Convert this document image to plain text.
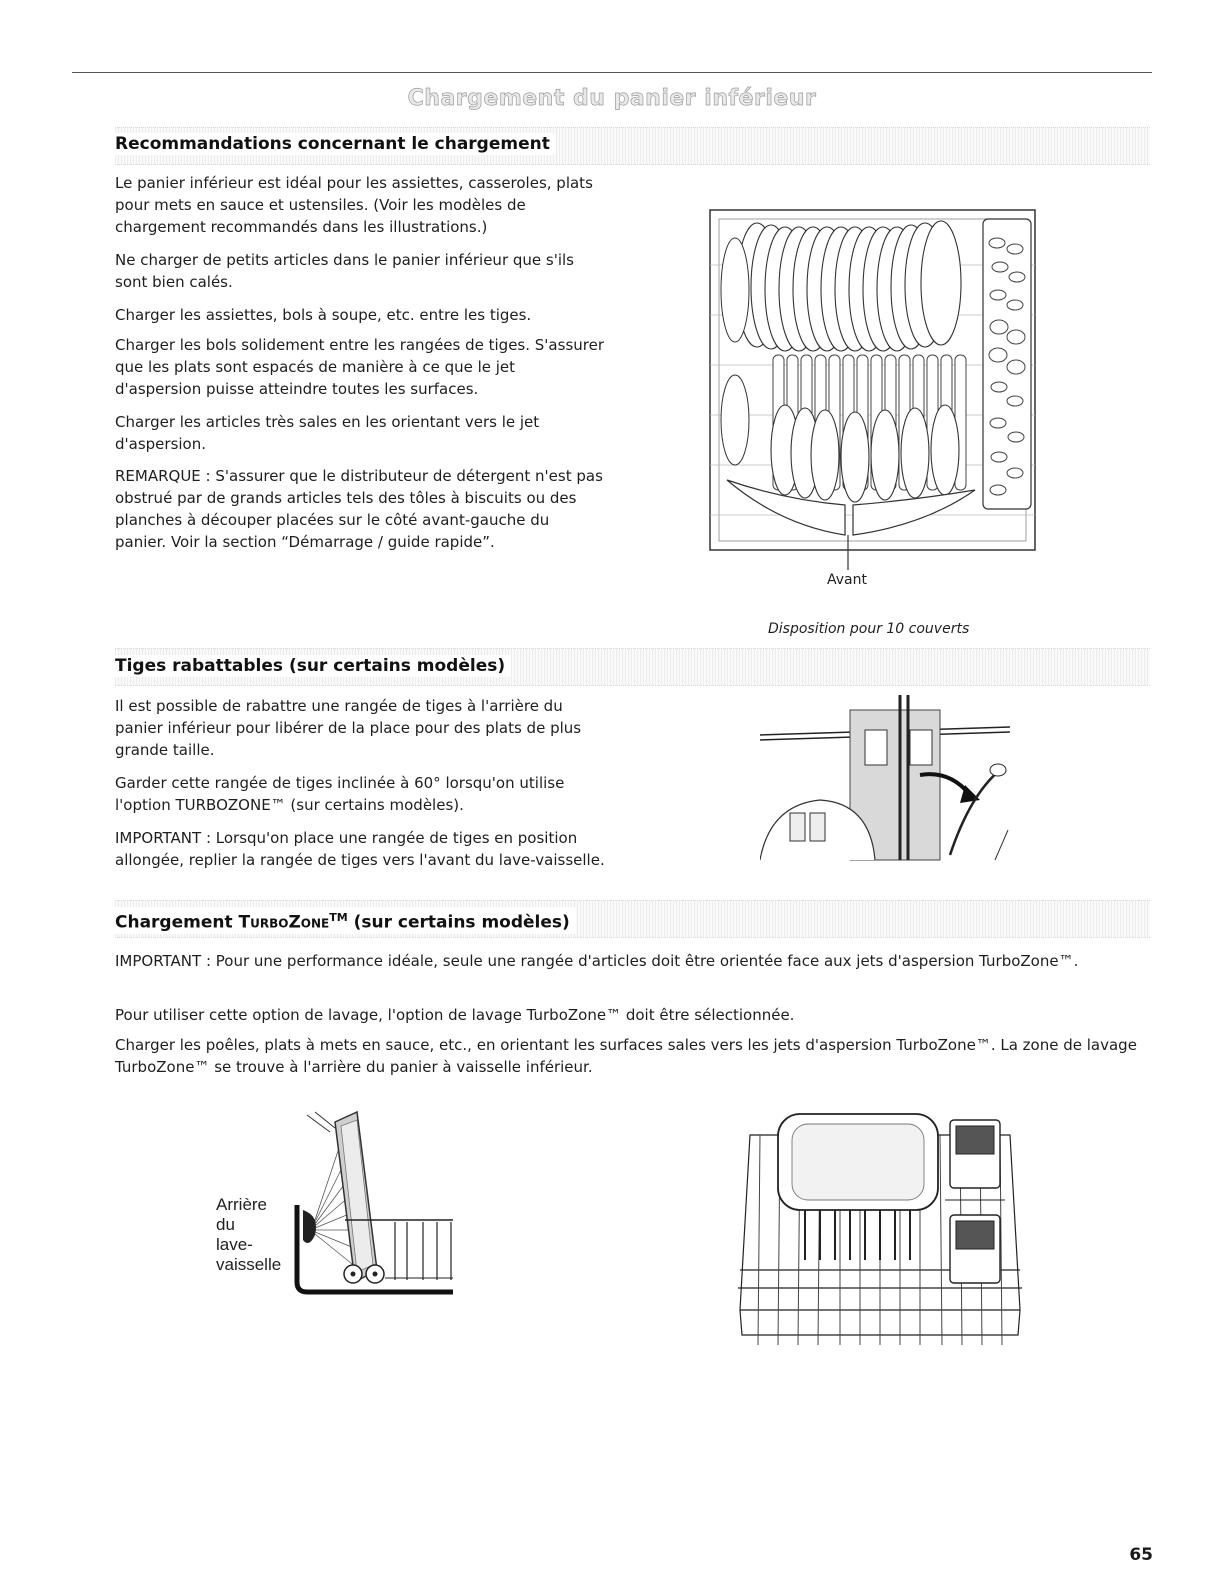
Chargement du panier inférieur
Recommandations concernant le chargement

Le panier inférieur est idéal pour les assiettes, casseroles, plats pour mets en sauce et ustensiles. (Voir les modèles de chargement recommandés dans les illustrations.)

Ne charger de petits articles dans le panier inférieur que s'ils sont bien calés.

Charger les assiettes, bols à soupe, etc. entre les tiges.

Charger les bols solidement entre les rangées de tiges. S'assurer que les plats sont espacés de manière à ce que le jet d'aspersion puisse atteindre toutes les surfaces.

Charger les articles très sales en les orientant vers le jet d'aspersion.

REMARQUE : S'assurer que le distributeur de détergent n'est pas obstrué par de grands articles tels des tôles à biscuits ou des planches à découper placées sur le côté avant-gauche du panier. Voir la section “Démarrage / guide rapide”.

Avant
Disposition pour 10 couverts
Tiges rabattables (sur certains modèles)

Il est possible de rabattre une rangée de tiges à l'arrière du panier inférieur pour libérer de la place pour des plats de plus grande taille.

Garder cette rangée de tiges inclinée à 60° lorsqu'on utilise l'option TURBOZONE™ (sur certains modèles).

IMPORTANT : Lorsqu'on place une rangée de tiges en position allongée, replier la rangée de tiges vers l'avant du lave-vaisselle.

Chargement TurboZone™ (sur certains modèles)

IMPORTANT : Pour une performance idéale, seule une rangée d'articles doit être orientée face aux jets d'aspersion TurboZone™.

Pour utiliser cette option de lavage, l'option de lavage TurboZone™ doit être sélectionnée.

Charger les poêles, plats à mets en sauce, etc., en orientant les surfaces sales vers les jets d'aspersion TurboZone™. La zone de lavage TurboZone™ se trouve à l'arrière du panier à vaisselle inférieur.

Arrière
du
lave-
vaisselle
65
